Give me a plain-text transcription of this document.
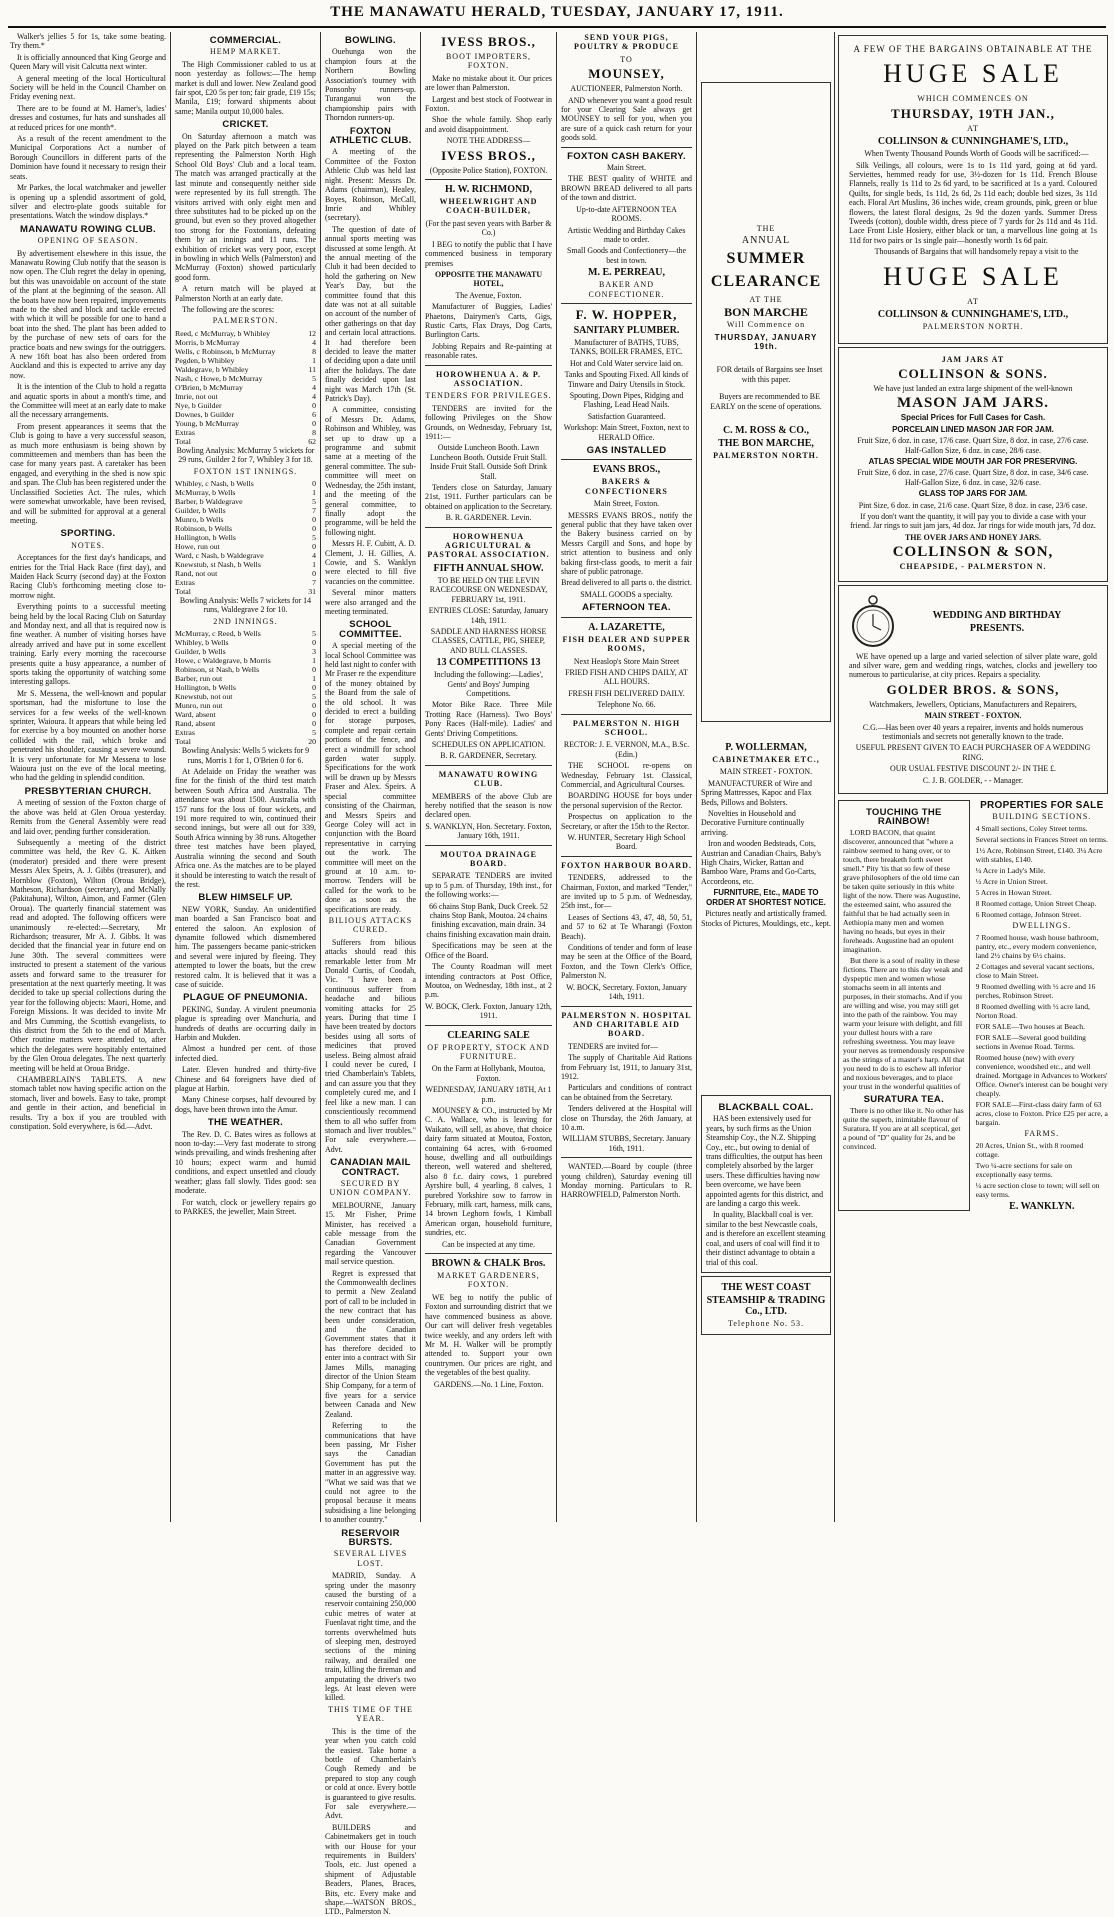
THE MANAWATU HERALD, TUESDAY, JANUARY 17, 1911.

Walker's jellies 5 for 1s, take some beating. Try them.*

It is officially announced that King George and Queen Mary will visit Calcutta next winter.

A general meeting of the local Horticultural Society will be held in the Council Chamber on Friday evening next.

There are to be found at M. Hamer's, ladies' dresses and costumes, fur hats and sunshades all at reduced prices for one month*.

As a result of the recent amendment to the Municipal Corporations Act a number of Borough Councillors in different parts of the Dominion have found it necessary to resign their seats.

Mr Parkes, the local watchmaker and jeweller is opening up a splendid assortment of gold, silver and electro-plate goods suitable for presentations. Watch the window displays.*

MANAWATU ROWING CLUB.
OPENING OF SEASON.

By advertisement elsewhere in this issue, the Manawatu Rowing Club notify that the season is now open. The Club regret the delay in opening, but this was unavoidable on account of the state of the plant at the beginning of the season. All the boats have now been repaired, improvements made to the shed and block and tackle erected with which it will be possible for one to hand a boat into the shed. The plant has been added to by the purchase of new sets of oars for the practice boats and new swings for the outriggers. A new 16ft boat has also been ordered from Auckland and this is expected to arrive any day now.

It is the intention of the Club to hold a regatta and aquatic sports in about a month's time, and the Committee will meet at an early date to make all the necessary arrangements.

From present appearances it seems that the Club is going to have a very successful season, as much more enthusiasm is being shown by committeemen and members than has been the case for many years past. A caretaker has been engaged, and everything in the shed is now spic and span. The Club has been registered under the Unclassified Societies Act. The rules, which were somewhat unworkable, have been revised, and will be submitted for approval at a general meeting.

SPORTING.
NOTES.

Acceptances for the first day's handicaps, and entries for the Trial Hack Race (first day), and Maiden Hack Scurry (second day) at the Foxton Racing Club's forthcoming meeting close to-morrow night.

Everything points to a successful meeting being held by the local Racing Club on Saturday and Monday next, and all that is required now is fine weather. A number of visiting horses have already arrived and have put in some excellent training. Early every morning the racecourse presents quite a busy appearance, a number of sports taking the opportunity of watching some interesting gallops.

Mr S. Messena, the well-known and popular sportsman, had the misfortune to lose the services for a few weeks of the well-known sprinter, Waioura. It appears that while being led for exercise by a boy mounted on another horse collided with the rail, which broke and penetrated his shoulder, causing a severe wound. It is very unfortunate for Mr Messena to lose Waioura just on the eve of the local meeting, who had the gelding in splendid condition.

PRESBYTERIAN CHURCH.

A meeting of session of the Foxton charge of the above was held at Glen Oroua yesterday. Remits from the General Assembly were read and laid over, pending further consideration.

Subsequently a meeting of the district committee was held, the Rev G. K. Aitken (moderator) presided and there were present Messrs Alex Speirs, A. J. Gibbs (treasurer), and Hornblow (Foxton), Wilton (Oroua Bridge), Matheson, Richardson (secretary), and McNally (Pakitahuna), Wilton, Aimon, and Farmer (Glen Oroua). The quarterly financial statement was read and adopted. The following officers were unanimously re-elected:—Secretary, Mr Richardson; treasurer, Mr A. J. Gibbs. It was decided that the financial year in future end on June 30th. The several committees were instructed to present a statement of the various assets and forward same to the treasurer for presentation at the next quarterly meeting. It was decided to take up special collections during the year for the following objects: Maori, Home, and Foreign Missions. It was decided to invite Mr and Mrs Cumming, the Scottish evangelists, to this district from the 5th to the end of March. Other routine matters were attended to, after which the delegates were hospitably entertained by the Glen Oroua delegates. The next quarterly meeting will be held at Oroua Bridge.

CHAMBERLAIN'S TABLETS. A new stomach tablet now having specific action on the stomach, liver and bowels. Easy to take, prompt and gentle in their action, and beneficial in results. Try a box if you are troubled with constipation. Sold everywhere, is 6d.—Advt.

COMMERCIAL.
HEMP MARKET.

The High Commissioner cabled to us at noon yesterday as follows:—The hemp market is dull and lower. New Zealand good fair spot, £20 5s per ton; fair grade, £19 15s; Manila, £19; forward shipments about same; Manila output 10,000 bales.

CRICKET.

On Saturday afternoon a match was played on the Park pitch between a team representing the Palmerston North High School Old Boys' Club and a local team. The match was arranged practically at the last minute and consequently neither side were represented by its full strength. The visitors arrived with only eight men and three substitutes had to be picked up on the ground, but even so they proved altogether too strong for the Foxtonians, defeating them by an innings and 11 runs. The exhibition of cricket was very poor, except in bowling in which Wells (Palmerston) and McMurray (Foxton) showed particularly good form.

A return match will be played at Palmerston North at an early date.

The following are the scores:

PALMERSTON.
Reed, c McMurray, b Whibley	12
Morris, b McMurray	4
Wells, c Robinson, b McMurray	8
Pegden, b Whibley	1
Waldegrave, b Whibley	11
Nash, c Howe, b McMurray	5
O'Brien, b McMurray	4
Imrie, not out	4
Nye, b Guilder	0
Downes, b Guilder	6
Young, b McMurray	0
Extras	8
Total	62

Bowling Analysis: McMurray 5 wickets for 29 runs, Guilder 2 for 7, Whibley 3 for 18.

FOXTON 1ST INNINGS.
Whibley, c Nash, b Wells	0
McMurray, b Wells	1
Barber, b Waldegrave	5
Guilder, b Wells	7
Munro, b Wells	0
Robinson, b Wells	0
Hollington, b Wells	5
Howe, run out	0
Ward, c Nash, b Waldegrave	4
Knewstub, st Nash, b Wells	1
Rand, not out	0
Extras	7
Total	31

Bowling Analysis: Wells 7 wickets for 14 runs, Waldegrave 2 for 10.

2ND INNINGS.
McMurray, c Reed, b Wells	5
Whibley, b Wells	0
Guilder, b Wells	3
Howe, c Waldegrave, b Morris	1
Robinson, st Nash, b Wells	0
Barber, run out	1
Hollington, b Wells	0
Knewstub, not out	5
Munro, run out	0
Ward, absent	0
Rand, absent	0
Extras	5
Total	20

Bowling Analysis: Wells 5 wickets for 9 runs, Morris 1 for 1, O'Brien 0 for 6.

At Adelaide on Friday the weather was fine for the finish of the third test match between South Africa and Australia. The attendance was about 1500. Australia with 157 runs for the loss of four wickets, and 191 more required to win, continued their second innings, but were all out for 339, South Africa winning by 38 runs. Altogether three test matches have been played, Australia winning the second and South Africa one. As the matches are to be played it should be interesting to watch the result of the rest.

BLEW HIMSELF UP.

NEW YORK, Sunday. An unidentified man boarded a San Francisco boat and entered the saloon. An explosion of dynamite followed which dismembered him. The passengers became panic-stricken and several were injured by fleeing. They attempted to lower the boats, but the crew restored calm. It is believed that it was a case of suicide.

PLAGUE OF PNEUMONIA.

PEKING, Sunday. A virulent pneumonia plague is spreading over Manchuria, and hundreds of deaths are occurring daily in Harbin and Mukden.

Almost a hundred per cent. of those infected died.

Later. Eleven hundred and thirty-five Chinese and 64 foreigners have died of plague at Harbin.

Many Chinese corpses, half devoured by dogs, have been thrown into the Amur.

THE WEATHER.

The Rev. D. C. Bates wires as follows at noon to-day:—Very fast moderate to strong winds prevailing, and winds freshening after 10 hours; expect warm and humid conditions, and expect unsettled and cloudy weather; glass fall slowly. Tides good: sea moderate.

For watch, clock or jewellery repairs go to PARKES, the jeweller, Main Street.

BOWLING.

Ouehunga won the champion fours at the Northern Bowling Association's tourney with Ponsonby runners-up. Turanganui won the championship pairs with Thorndon runners-up.

FOXTON ATHLETIC CLUB.

A meeting of the Committee of the Foxton Athletic Club was held last night. Present: Messrs Dr. Adams (chairman), Healey, Boyes, Robinson, McCall, Imrie and Whibley (secretary).

The question of date of annual sports meeting was discussed at some length. At the annual meeting of the Club it had been decided to hold the gathering on New Year's Day, but the committee found that this date was not at all suitable on account of the number of other gatherings on that day and certain local attractions. It had therefore been decided to leave the matter of deciding upon a date until after the holidays. The date finally decided upon last night was March 17th (St. Patrick's Day).

A committee, consisting of Messrs Dr. Adams, Robinson and Whibley, was set up to draw up a programme and submit same at a meeting of the general committee. The sub-committee will meet on Wednesday, the 25th instant, and the meeting of the general committee, to finally adopt the programme, will be held the following night.

Messrs H. F. Cubitt, A. D. Clement, J. H. Gillies, A. Cowie, and S. Wanklyn were elected to fill five vacancies on the committee.

Several minor matters were also arranged and the meeting terminated.

SCHOOL COMMITTEE.

A special meeting of the local School Committee was held last night to confer with Mr Fraser re the expenditure of the money obtained by the Board from the sale of the old school. It was decided to erect a building for storage purposes, complete and repair certain portions of the fence, and erect a windmill for school garden water supply. Specifications for the work will be drawn up by Messrs Fraser and Alex. Speirs. A special committee consisting of the Chairman, and Messrs Speirs and George Coley will act in conjunction with the Board representative in carrying out the work. The committee will meet on the ground at 10 a.m. to-morrow. Tenders will be called for the work to be done as soon as the specifications are ready.

BILIOUS ATTACKS CURED.

Sufferers from bilious attacks should read this remarkable letter from Mr Donald Curtis, of Coodah, Vic. "I have been a continuous sufferer from headache and bilious vomiting attacks for 25 years. During that time I have been treated by doctors besides using all sorts of medicines that proved useless. Being almost afraid I could never be cured, I tried Chamberlain's Tablets, and can assure you that they completely cured me, and I feel like a new man. I can conscientiously recommend them to all who suffer from stomach and liver troubles." For sale everywhere.—Advt.

CANADIAN MAIL CONTRACT.
SECURED BY UNION COMPANY.

MELBOURNE, January 15. Mr Fisher, Prime Minister, has received a cable message from the Canadian Government regarding the Vancouver mail service question.

Regret is expressed that the Commonwealth declines to permit a New Zealand port of call to be included in the new contract that has been under consideration, and the Canadian Government states that it has therefore decided to enter into a contract with Sir James Mills, managing director of the Union Steam Ship Company, for a term of five years for a service between Canada and New Zealand.

Referring to the communications that have been passing, Mr Fisher says the Canadian Government has put the matter in an aggressive way. "What we said was that we could not agree to the proposal because it means subsidising a line belonging to another country."

RESERVOIR BURSTS.
SEVERAL LIVES LOST.

MADRID, Sunday. A spring under the masonry caused the bursting of a reservoir containing 250,000 cubic metres of water at Fuenlavat right time, and the torrents overwhelmed huts of sleeping men, destroyed sections of the mining railway, and derailed one train, killing the fireman and amputating the driver's two legs. At least eleven were killed.

THIS TIME OF THE YEAR.

This is the time of the year when you catch cold the easiest. Take home a bottle of Chamberlain's Cough Remedy and be prepared to stop any cough or cold at once. Every bottle is guaranteed to give results. For sale everywhere.—Advt.

BUILDERS and Cabinetmakers get in touch with our House for your requirements in Builders' Tools, etc. Just opened a shipment of Adjustable Beaders, Planes, Braces, Bits, etc. Every make and shape.—WATSON BROS., LTD., Palmerston N.

IVESS BROS.,
BOOT IMPORTERS, FOXTON.

Make no mistake about it. Our prices are lower than Palmerston.

Largest and best stock of Footwear in Foxton.

Shoe the whole family. Shop early and avoid disappointment.

NOTE THE ADDRESS—

IVESS BROS.,

(Opposite Police Station), FOXTON.

H. W. RICHMOND,
WHEELWRIGHT AND COACH-BUILDER,

(For the past seven years with Barber & Co.)

I BEG to notify the public that I have commenced business in temporary premises

OPPOSITE THE MANAWATU HOTEL,

The Avenue, Foxton.

Manufacturer of Buggies, Ladies' Phaetons, Dairymen's Carts, Gigs, Rustic Carts, Flax Drays, Dog Carts, Burlington Carts.

Jobbing Repairs and Re-painting at reasonable rates.

HOROWHENUA A. & P. ASSOCIATION.
TENDERS FOR PRIVILEGES.

TENDERS are invited for the following Privileges on the Show Grounds, on Wednesday, February 1st, 1911:—

Outside Luncheon Booth. Lawn Luncheon Booth. Outside Fruit Stall. Inside Fruit Stall. Outside Soft Drink Stall.

Tenders close on Saturday, January 21st, 1911. Further particulars can be obtained on application to the Secretary.

B. R. GARDENER. Levin.

HOROWHENUA AGRICULTURAL & PASTORAL ASSOCIATION.
FIFTH ANNUAL SHOW.

TO BE HELD ON THE LEVIN RACECOURSE ON WEDNESDAY, FEBRUARY 1st, 1911.

ENTRIES CLOSE: Saturday, January 14th, 1911.

SADDLE AND HARNESS HORSE CLASSES, CATTLE, PIG, SHEEP, AND BULL CLASSES.

13 COMPETITIONS 13

Including the following:—Ladies', Gents' and Boys' Jumping Competitions.

Motor Bike Race. Three Mile Trotting Race (Harness). Two Boys' Pony Races (Half-mile). Ladies' and Gents' Driving Competitions.

SCHEDULES ON APPLICATION.

B. R. GARDENER, Secretary.

MANAWATU ROWING CLUB.

MEMBERS of the above Club are hereby notified that the season is now declared open.

S. WANKLYN, Hon. Secretary. Foxton, January 16th, 1911.

MOUTOA DRAINAGE BOARD.

SEPARATE TENDERS are invited up to 5 p.m. of Thursday, 19th inst., for the following works:—

66 chains Stop Bank, Duck Creek. 52 chains Stop Bank, Moutoa. 24 chains finishing excavation, main drain. 34 chains finishing excavation main drain.

Specifications may be seen at the Office of the Board.

The County Roadman will meet intending contractors at Post Office, Moutoa, on Wednesday, 18th inst., at 2 p.m.

W. BOCK, Clerk. Foxton, January 12th, 1911.

CLEARING SALE
OF PROPERTY, STOCK AND FURNITURE.

On the Farm at Hollybank, Moutoa, Foxton.

WEDNESDAY, JANUARY 18TH, At 1 p.m.

MOUNSEY & CO., instructed by Mr C. A. Wallace, who is leaving for Waikato, will sell, as above, that choice dairy farm situated at Moutoa, Foxton, containing 64 acres, with 6-roomed house, dwelling and all outbuildings thereon, well watered and sheltered, also 8 f.c. dairy cows, 1 purebred Ayrshire bull, 4 yearling, 8 calves, 1 purebred Yorkshire sow to farrow in February, milk cart, harness, milk cans, 14 brown Leghorn fowls, 1 Kimball American organ, household furniture, sundries, etc.

Can be inspected at any time.

BROWN & CHALK Bros.
MARKET GARDENERS, FOXTON.

WE beg to notify the public of Foxton and surrounding district that we have commenced business as above. Our cart will deliver fresh vegetables twice weekly, and any orders left with Mr M. H. Walker will be promptly attended to. Support your own countrymen. Our prices are right, and the vegetables of the best quality.

GARDENS.—No. 1 Line, Foxton.

SEND YOUR PIGS, POULTRY & PRODUCE
TO
MOUNSEY,

AUCTIONEER, Palmerston North.

AND whenever you want a good result for your Clearing Sale always get MOUNSEY to sell for you, when you are sure of a quick cash return for your goods sold.

FOXTON CASH BAKERY.

Main Street.

THE BEST quality of WHITE and BROWN BREAD delivered to all parts of the town and district.

Up-to-date AFTERNOON TEA ROOMS.

Artistic Wedding and Birthday Cakes made to order.

Small Goods and Confectionery—the best in town.

M. E. PERREAU,
BAKER AND CONFECTIONER.
F. W. HOPPER,
SANITARY PLUMBER.

Manufacturer of BATHS, TUBS, TANKS, BOILER FRAMES, ETC.

Hot and Cold Water service laid on.

Tanks and Spouting Fixed. All kinds of Tinware and Dairy Utensils in Stock.

Spouting, Down Pipes, Ridging and Flashing, Lead Head Nails.

Satisfaction Guaranteed.

Workshop: Main Street, Foxton, next to HERALD Office.

GAS INSTALLED
EVANS BROS.,
BAKERS & CONFECTIONERS

Main Street, Foxton.

MESSRS EVANS BROS., notify the general public that they have taken over the Bakery business carried on by Messrs Cargill and Sons, and hope by strict attention to business and only baking first-class goods, to merit a fair share of public patronage.

Bread delivered to all parts o. the district.

SMALL GOODS a specialty.

AFTERNOON TEA.
A. LAZARETTE,
FISH DEALER AND SUPPER ROOMS,

Next Heaslop's Store Main Street

FRIED FISH AND CHIPS DAILY, AT ALL HOURS.

FRESH FISH DELIVERED DAILY.

Telephone No. 66.

PALMERSTON N. HIGH SCHOOL.

RECTOR: J. E. VERNON, M.A., B.Sc. (Edin.)

THE SCHOOL re-opens on Wednesday, February 1st. Classical, Commercial, and Agricultural Courses.

BOARDING HOUSE for boys under the personal supervision of the Rector.

Prospectus on application to the Secretary, or after the 15th to the Rector.

W. HUNTER, Secretary High School Board.

FOXTON HARBOUR BOARD.

TENDERS, addressed to the Chairman, Foxton, and marked "Tender," are invited up to 5 p.m. of Wednesday, 25th inst., for—

Leases of Sections 43, 47, 48, 50, 51, and 57 to 62 at Te Wharangi (Foxton Beach).

Conditions of tender and form of lease may be seen at the Office of the Board, Foxton, and the Town Clerk's Office, Palmerston N.

W. BOCK, Secretary. Foxton, January 14th, 1911.

PALMERSTON N. HOSPITAL AND CHARITABLE AID BOARD.

TENDERS are invited for—

The supply of Charitable Aid Rations from February 1st, 1911, to January 31st, 1912.

Particulars and conditions of contract can be obtained from the Secretary.

Tenders delivered at the Hospital will close on Thursday, the 26th January, at 10 a.m.

WILLIAM STUBBS, Secretary. January 16th, 1911.

WANTED.—Board by couple (three young children), Saturday evening till Monday morning. Particulars to R. HARROWFIELD, Palmerston North.

THE
ANNUAL
SUMMER
CLEARANCE
AT THE
BON MARCHE
Will Commence on
THURSDAY, JANUARY 19th.

FOR details of Bargains see Inset with this paper.

Buyers are recommended to BE EARLY on the scene of operations.

C. M. ROSS & CO.,
THE BON MARCHE,
PALMERSTON NORTH.
P. WOLLERMAN,
CABINETMAKER ETC.,

MAIN STREET - FOXTON.

MANUFACTURER of Wire and Spring Mattresses, Kapoc and Flax Beds, Pillows and Bolsters.

Novelties in Household and Decorative Furniture continually arriving.

Iron and wooden Bedsteads, Cots, Austrian and Canadian Chairs, Baby's High Chairs, Wicker, Rattan and Bamboo Ware, Prams and Go-Carts, Accordeons, etc.

FURNITURE, Etc., MADE TO ORDER AT SHORTEST NOTICE.

Pictures neatly and artistically framed. Stocks of Pictures, Mouldings, etc., kept.

BLACKBALL COAL.

HAS been extensively used for years, by such firms as the Union Steamship Coy., the N.Z. Shipping Coy., etc., but owing to denial of trans difficulties, the output has been completely absorbed by the larger users. These difficulties having now been overcome, we have been appointed agents for this district, and are landing a cargo this week.

In quality, Blackball coal is ver. similar to the best Newcastle coals, and is therefore an excellent steaming coal, and users of coal will find it to their distinct advantage to obtain a trial of this coal.

THE WEST COAST
STEAMSHIP & TRADING Co., LTD.
Telephone No. 53.
A FEW OF THE BARGAINS OBTAINABLE AT THE
HUGE SALE
WHICH COMMENCES ON
THURSDAY, 19TH JAN.,
AT
COLLINSON & CUNNINGHAME'S, LTD.,

When Twenty Thousand Pounds Worth of Goods will be sacrificed:—

Silk Veilings, all colours, were 1s to 1s 11d yard, going at 6d yard. Serviettes, hemmed ready for use, 3½-dozen for 1s 11d. French Blouse Flannels, really 1s 11d to 2s 6d yard, to be sacrificed at 1s a yard. Coloured Quilts, for single beds, 1s 11d, 2s 6d, 2s 11d each; double bed sizes, 3s 11d each. Floral Art Muslins, 36 inches wide, cream grounds, pink, green or blue flowers, the latest floral designs, 2s 9d the dozen yards. Summer Dress Tweeds (cotton), double width, dress piece of 7 yards for 2s 11d and 4s 11d. Lace Front Lisle Hosiery, either black or tan, a marvellous line going at 1s 11d for two pairs or 1s single pair—honestly worth 1s 6d pair.

Thousands of Bargains that will handsomely repay a visit to the

HUGE SALE
AT
COLLINSON & CUNNINGHAME'S, LTD.,
PALMERSTON NORTH.
JAM JARS AT
COLLINSON & SONS.

We have just landed an extra large shipment of the well-known

MASON JAM JARS.

Special Prices for Full Cases for Cash.

PORCELAIN LINED MASON JAR FOR JAM.

Fruit Size, 6 doz. in case, 17/6 case. Quart Size, 8 doz. in case, 27/6 case. Half-Gallon Size, 6 doz. in case, 28/6 case.

ATLAS SPECIAL WIDE MOUTH JAR FOR PRESERVING.

Fruit Size, 6 doz. in case, 27/6 case. Quart Size, 8 doz. in case, 34/6 case. Half-Gallon Size, 6 doz. in case, 32/6 case.

GLASS TOP JARS FOR JAM.

Pint Size, 6 doz. in case, 21/6 case. Quart Size, 8 doz. in case, 23/6 case.

If you don't want the quantity, it will pay you to divide a case with your friend. Jar rings to suit jam jars, 4d doz. Jar rings for wide mouth jars, 7d doz.

THE OVER JARS AND HONEY JARS.

COLLINSON & SON,
CHEAPSIDE, - PALMERSTON N.
WEDDING AND BIRTHDAY
PRESENTS.

WE have opened up a large and varied selection of silver plate ware, gold and silver ware, gem and wedding rings, watches, clocks and jewellery too numerous to particularise, at city prices. Repairs a speciality.

GOLDER BROS. & SONS,

Watchmakers, Jewellers, Opticians, Manufacturers and Repairers,

MAIN STREET - FOXTON.

C.G.—Has been over 40 years a repairer, invents and holds numerous testimonials and secrets not generally known to the trade.

USEFUL PRESENT GIVEN TO EACH PURCHASER OF A WEDDING RING.

OUR USUAL FESTIVE DISCOUNT 2/- IN THE £.

C. J. B. GOLDER, - - Manager.

TOUCHING THE RAINBOW!

LORD BACON, that quaint discoverer, announced that "where a rainbow seemed to hang over, or to touch, there breaketh forth sweet smell." Pity 'tis that so few of these grave philosophers of the old time can be taken quite seriously in this white light of the now. There was Augustine, the esteemed saint, who assured the faithful that he had actually seen in Aethiopia many men and women having no heads, but eyes in their foreheads. Augustine had an opulent imagination.

But there is a soul of reality in these fictions. There are to this day weak and dyspeptic men and women whose stomachs seem in all intents and purposes, in their stomachs. And if you are willing and wise, you may still get into the path of the rainbow. You may warm your leisure with delight, and fill your dullest hours with a rare refreshing sweetness. You may leave your nerves as tremendously responsive as the strings of a master's harp. All that you need to do is to eschew all inferior and noxious beverages, and to place your trust in the wonderful qualities of

SURATURA TEA.

There is no other like it. No other has quite the superb, inimitable flavour of Suratura. If you are at all sceptical, get a pound of "D" quality for 2s, and be convinced.

PROPERTIES FOR SALE
BUILDING SECTIONS.

4 Small sections, Coley Street terms.

Several sections in Frances Street on terms.

1½ Acre, Robinson Street, £140. 3¼ Acre with stables, £140.

¼ Acre in Lady's Mile.

½ Acre in Union Street.

5 Acres in Howan Street.

8 Roomed cottage, Union Street Cheap.

6 Roomed cottage, Johnson Street.

DWELLINGS.

7 Roomed house, wash house bathroom, pantry, etc., every modern convenience, land 2½ chains by 6½ chains.

2 Cottages and several vacant sections, close to Main Street.

9 Roomed dwelling with ½ acre and 16 perches, Robinson Street.

8 Roomed dwelling with ½ acre land, Norton Road.

FOR SALE—Two houses at Beach.

FOR SALE—Several good building sections in Avenue Road. Terms.

Roomed house (new) with every convenience, woodshed etc., and well drained. Mortgage in Advances to Workers' Office. Owner's interest can be bought very cheaply.

FOR SALE—First-class dairy farm of 63 acres, close to Foxton. Price £25 per acre, a bargain.

FARMS.

20 Acres, Union St., with 8 roomed cottage.

Two ¼-acre sections for sale on exceptionally easy terms.

¼ acre section close to town; will sell on easy terms.

E. WANKLYN.
